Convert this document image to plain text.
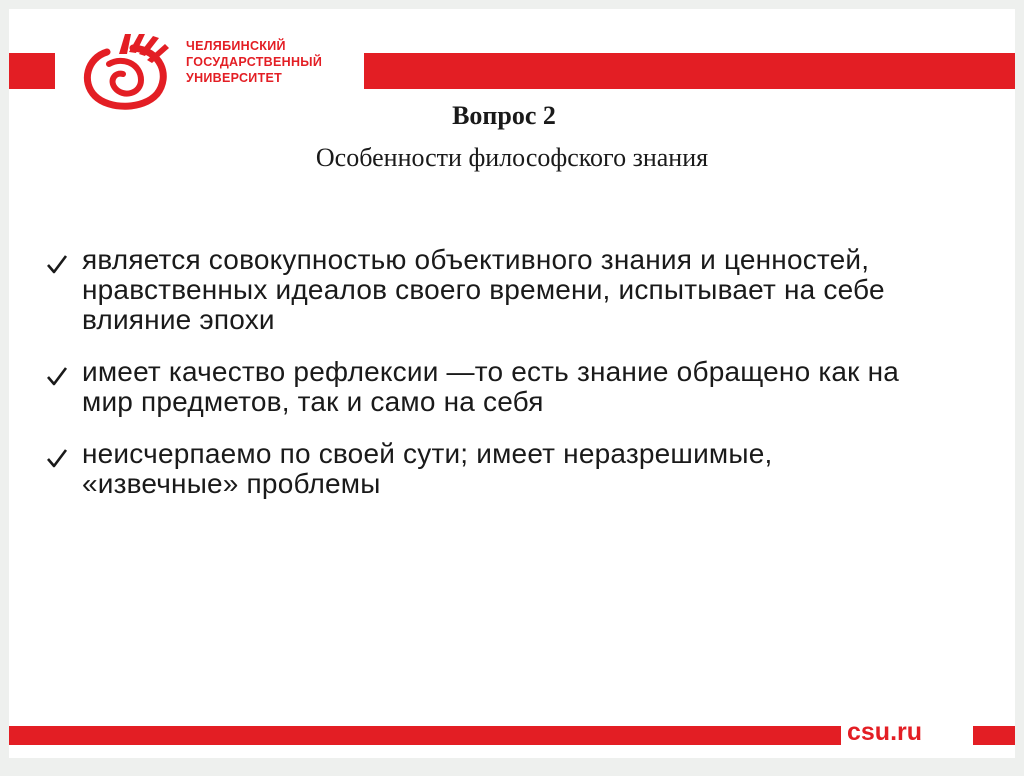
ЧЕЛЯБИНСКИЙ
ГОСУДАРСТВЕННЫЙ
УНИВЕРСИТЕТ
Вопрос 2
Особенности философского знания
является совокупностью объективного знания и ценностей,
нравственных идеалов своего времени, испытывает на себе
влияние эпохи
имеет качество рефлексии —то есть знание обращено как на
мир предметов, так и само на себя
неисчерпаемо по своей сути; имеет неразрешимые,
«извечные» проблемы
csu.ru
